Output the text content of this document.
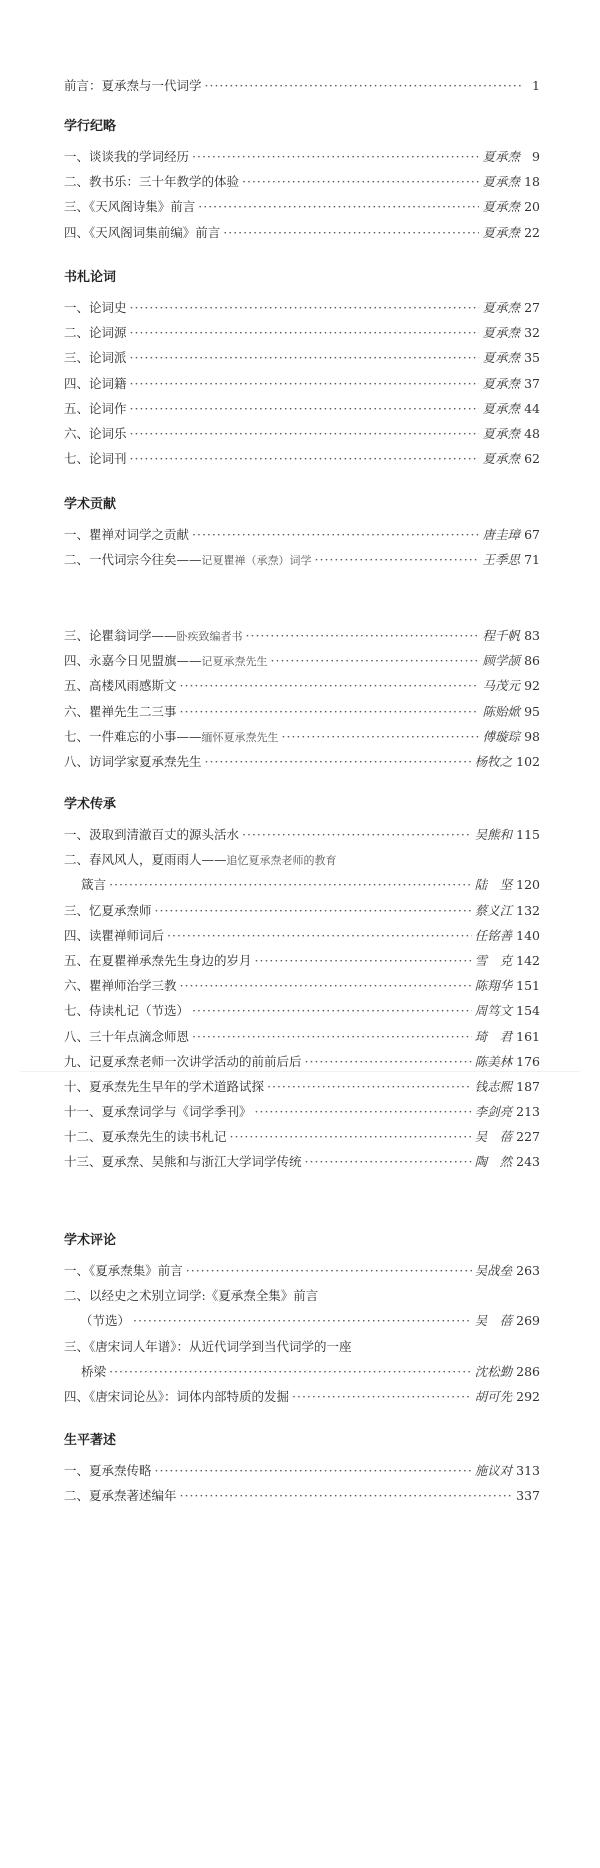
前言：夏承焘与一代词学 ·····	1
学行纪略
一、谈谈我的学词经历 ·····	夏承焘 9
二、教书乐：三十年教学的体验 ·····	夏承焘 18
三、《天风阁诗集》前言 ·····	夏承焘 20
四、《天风阁词集前编》前言 ·····	夏承焘 22
书札论词
一、论词史 ·····	夏承焘 27
二、论词源 ·····	夏承焘 32
三、论词派 ·····	夏承焘 35
四、论词籍 ·····	夏承焘 37
五、论词作 ·····	夏承焘 44
六、论词乐 ·····	夏承焘 48
七、论词刊 ·····	夏承焘 62
学术贡献
一、瞿禅对词学之贡献 ·····	唐圭璋 67
二、一代词宗今往矣—— 记夏瞿禅（承焘）词学 ·····	王季思 71
三、论瞿翁词学—— 卧疾致编者书 ·····	程千帆 83
四、永嘉今日见盟旗—— 记夏承焘先生 ·····	顾学颉 86
五、高楼风雨感斯文 ·····	马茂元 92
六、瞿禅先生二三事 ·····	陈贻焮 95
七、一件难忘的小事—— 缅怀夏承焘先生 ·····	傅璇琮 98
八、访词学家夏承焘先生 ·····	杨牧之 102
学术传承
一、汲取到清澈百丈的源头活水 ·····	吴熊和 115
二、春风风人，夏雨雨人—— 追忆夏承焘老师的教育
箴言 ·····	陆　坚 120
三、忆夏承焘师 ·····	蔡义江 132
四、读瞿禅师词后 ·····	任铭善 140
五、在夏瞿禅承焘先生身边的岁月 ·····	雪　克 142
六、瞿禅师治学三教 ·····	陈翔华 151
七、侍读札记（节选） ·····	周笃文 154
八、三十年点滴念师恩 ·····	琦　君 161
九、记夏承焘老师一次讲学活动的前前后后 ·····	陈美林 176
十、夏承焘先生早年的学术道路试探 ·····	钱志熙 187
十一、夏承焘词学与《词学季刊》 ·····	李剑亮 213
十二、夏承焘先生的读书札记 ·····	吴　蓓 227
十三、夏承焘、吴熊和与浙江大学词学传统 ·····	陶　然 243
学术评论
一、《夏承焘集》前言 ·····	吴战垒 263
二、以经史之术别立词学:《夏承焘全集》前言
（节选） ·····	吴　蓓 269
三、《唐宋词人年谱》：从近代词学到当代词学的一座
桥梁 ·····	沈松勤 286
四、《唐宋词论丛》：词体内部特质的发掘 ·····	胡可先 292
生平著述
一、夏承焘传略 ·····	施议对 313
二、夏承焘著述编年 ·····	337
